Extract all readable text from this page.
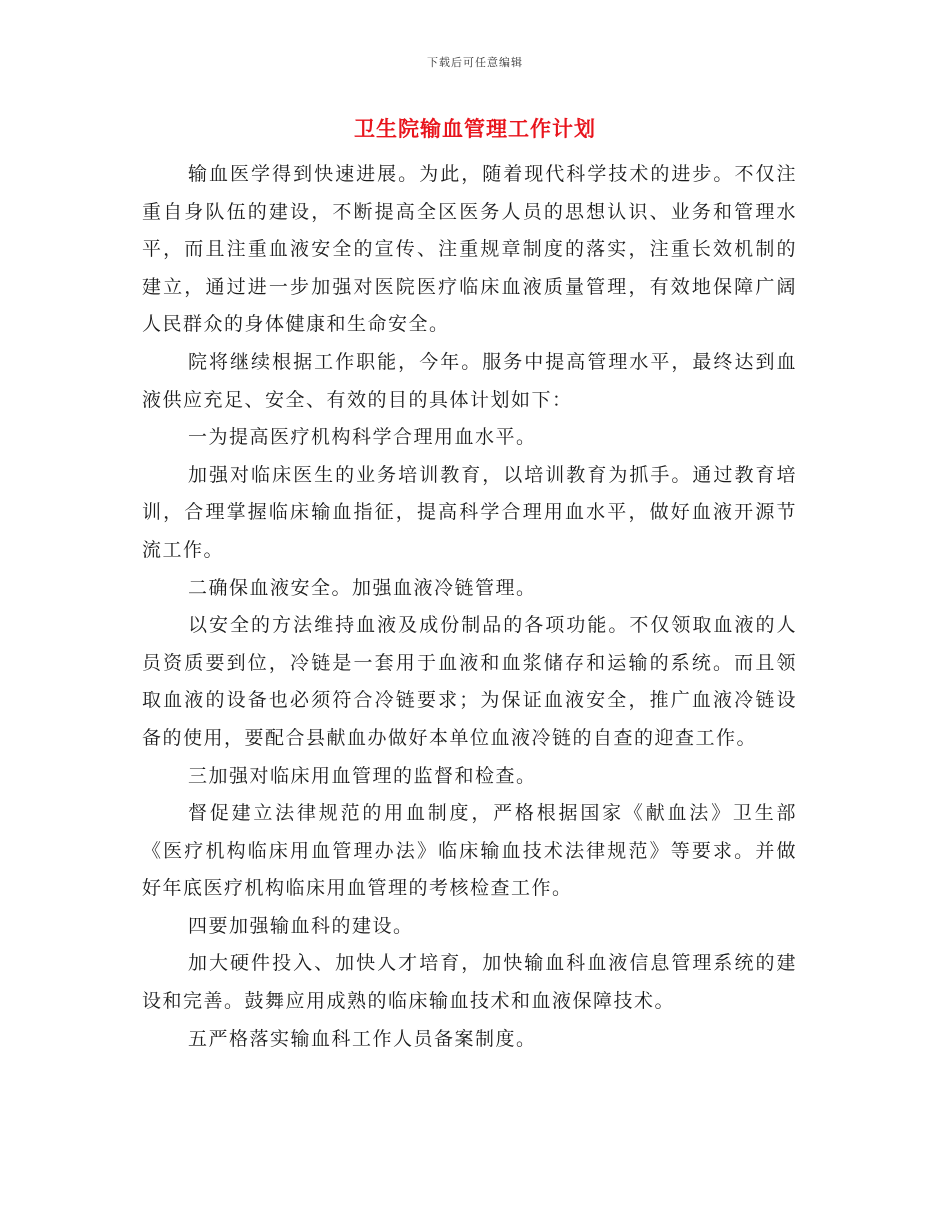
下载后可任意编辑
卫生院输血管理工作计划

输血医学得到快速进展。为此，随着现代科学技术的进步。不仅注重自身队伍的建设，不断提高全区医务人员的思想认识、业务和管理水平，而且注重血液安全的宣传、注重规章制度的落实，注重长效机制的建立，通过进一步加强对医院医疗临床血液质量管理，有效地保障广阔人民群众的身体健康和生命安全。

院将继续根据工作职能，今年。服务中提高管理水平，最终达到血液供应充足、安全、有效的目的具体计划如下：

一为提高医疗机构科学合理用血水平。

加强对临床医生的业务培训教育，以培训教育为抓手。通过教育培训，合理掌握临床输血指征，提高科学合理用血水平，做好血液开源节流工作。

二确保血液安全。加强血液冷链管理。

以安全的方法维持血液及成份制品的各项功能。不仅领取血液的人员资质要到位，冷链是一套用于血液和血浆储存和运输的系统。而且领取血液的设备也必须符合冷链要求；为保证血液安全，推广血液冷链设备的使用，要配合县献血办做好本单位血液冷链的自查的迎查工作。

三加强对临床用血管理的监督和检查。

督促建立法律规范的用血制度，严格根据国家《献血法》卫生部《医疗机构临床用血管理办法》临床输血技术法律规范》等要求。并做好年底医疗机构临床用血管理的考核检查工作。

四要加强输血科的建设。

加大硬件投入、加快人才培育，加快输血科血液信息管理系统的建设和完善。鼓舞应用成熟的临床输血技术和血液保障技术。

五严格落实输血科工作人员备案制度。
